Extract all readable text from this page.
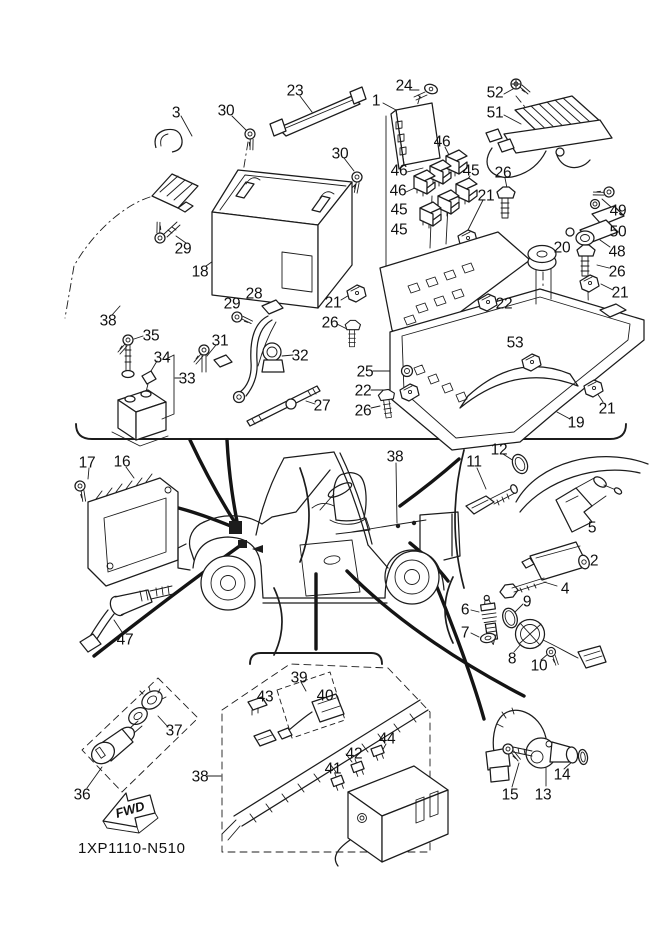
FWD
1XP1110-N510
3 30
23
1
24	52
51
30
46
46
46
45
45
45
21
26
49
50
48
20
26
29
18
38
35
34
33
28
29
31
32
27
21
26
25
22
26
22
53
21
21
19
17 16
47
38	11
12
5
2
4
6	9
7
8 10
37
36
38
43
39
40
44
42
41
15 13
14
